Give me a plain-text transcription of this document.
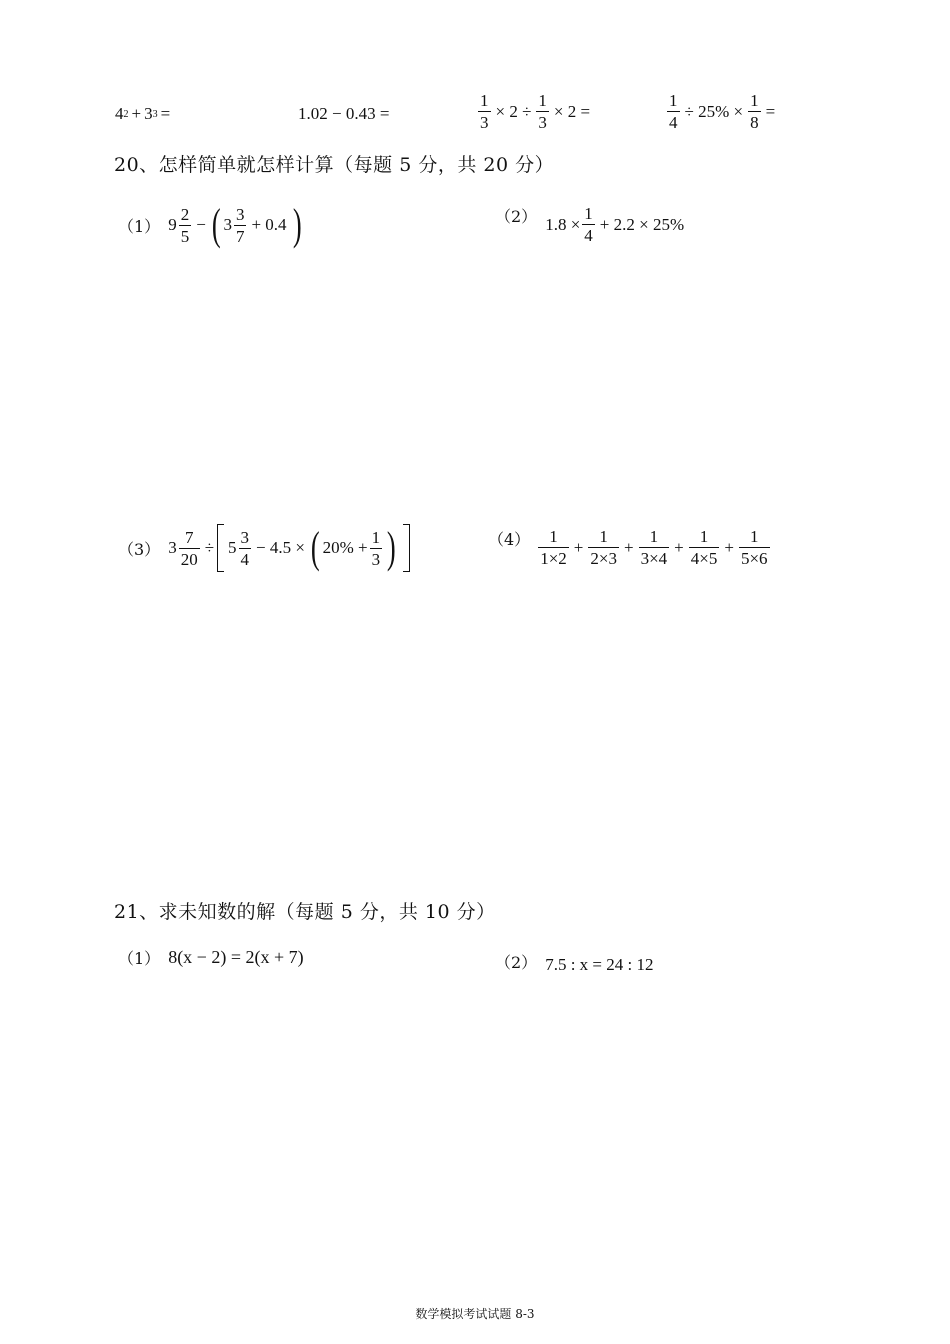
4 2 + 3 3 =	1.02 − 0.43 =	$\frac{1}{3} \times 2 \div \frac{1}{3} \times 2$ =	$\frac{1}{4} \div 25\% \times \frac{1}{8}$ =
20、怎样简单就怎样计算（每题 5 分，共 20 分）
（1） $9 \frac{2}{5}$ − ( $3 \frac{3}{7} + 0.4$ )	（2） $1.8 \times \frac{1}{4} + 2.2 \times 25\%$
（3） $3 \frac{7}{20} \div 5 \frac{3}{4} - 4.5$ × ( $20\% + \frac{1}{3}$ )	$(4) \frac{1}{1\times 2} + \frac{1}{2\times 3} + \frac{1}{3\times 4} + \frac{1}{4\times 5} + \frac{1}{5\times 6}$
21、求未知数的解（每题 5 分，共 10 分）
（1） 8(x − 2) = 2(x + 7)	（2） 7.5 : x = 24 : 12
数学模拟考试试题 8-3
